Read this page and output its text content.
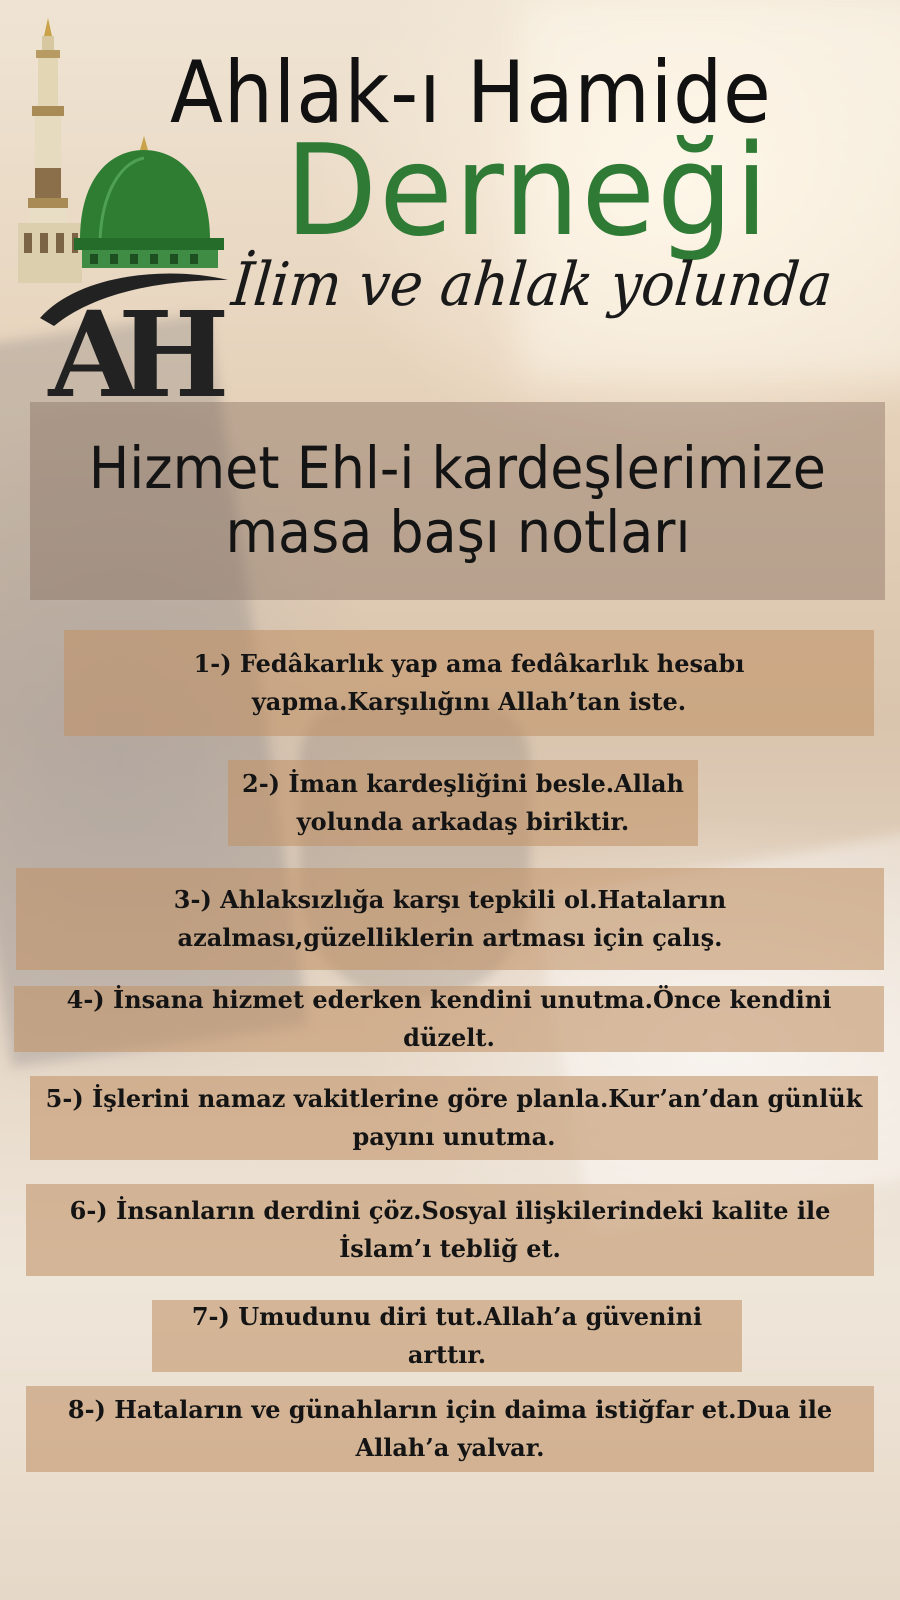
AH
Ahlak-ı Hamide
Derneği
İlim ve ahlak yolunda
Hizmet Ehl-i kardeşlerimize
masa başı notları
1-) Fedâkarlık yap ama fedâkarlık hesabı yapma.Karşılığını Allah’tan iste.
2-) İman kardeşliğini besle.Allah yolunda arkadaş biriktir.
3-) Ahlaksızlığa karşı tepkili ol.Hataların azalması,güzelliklerin artması için çalış.
4-) İnsana hizmet ederken kendini unutma.Önce kendini düzelt.
5-) İşlerini namaz vakitlerine göre planla.Kur’an’dan günlük payını unutma.
6-) İnsanların derdini çöz.Sosyal ilişkilerindeki kalite ile İslam’ı tebliğ et.
7-) Umudunu diri tut.Allah’a güvenini arttır.
8-) Hataların ve günahların için daima istiğfar et.Dua ile Allah’a yalvar.
